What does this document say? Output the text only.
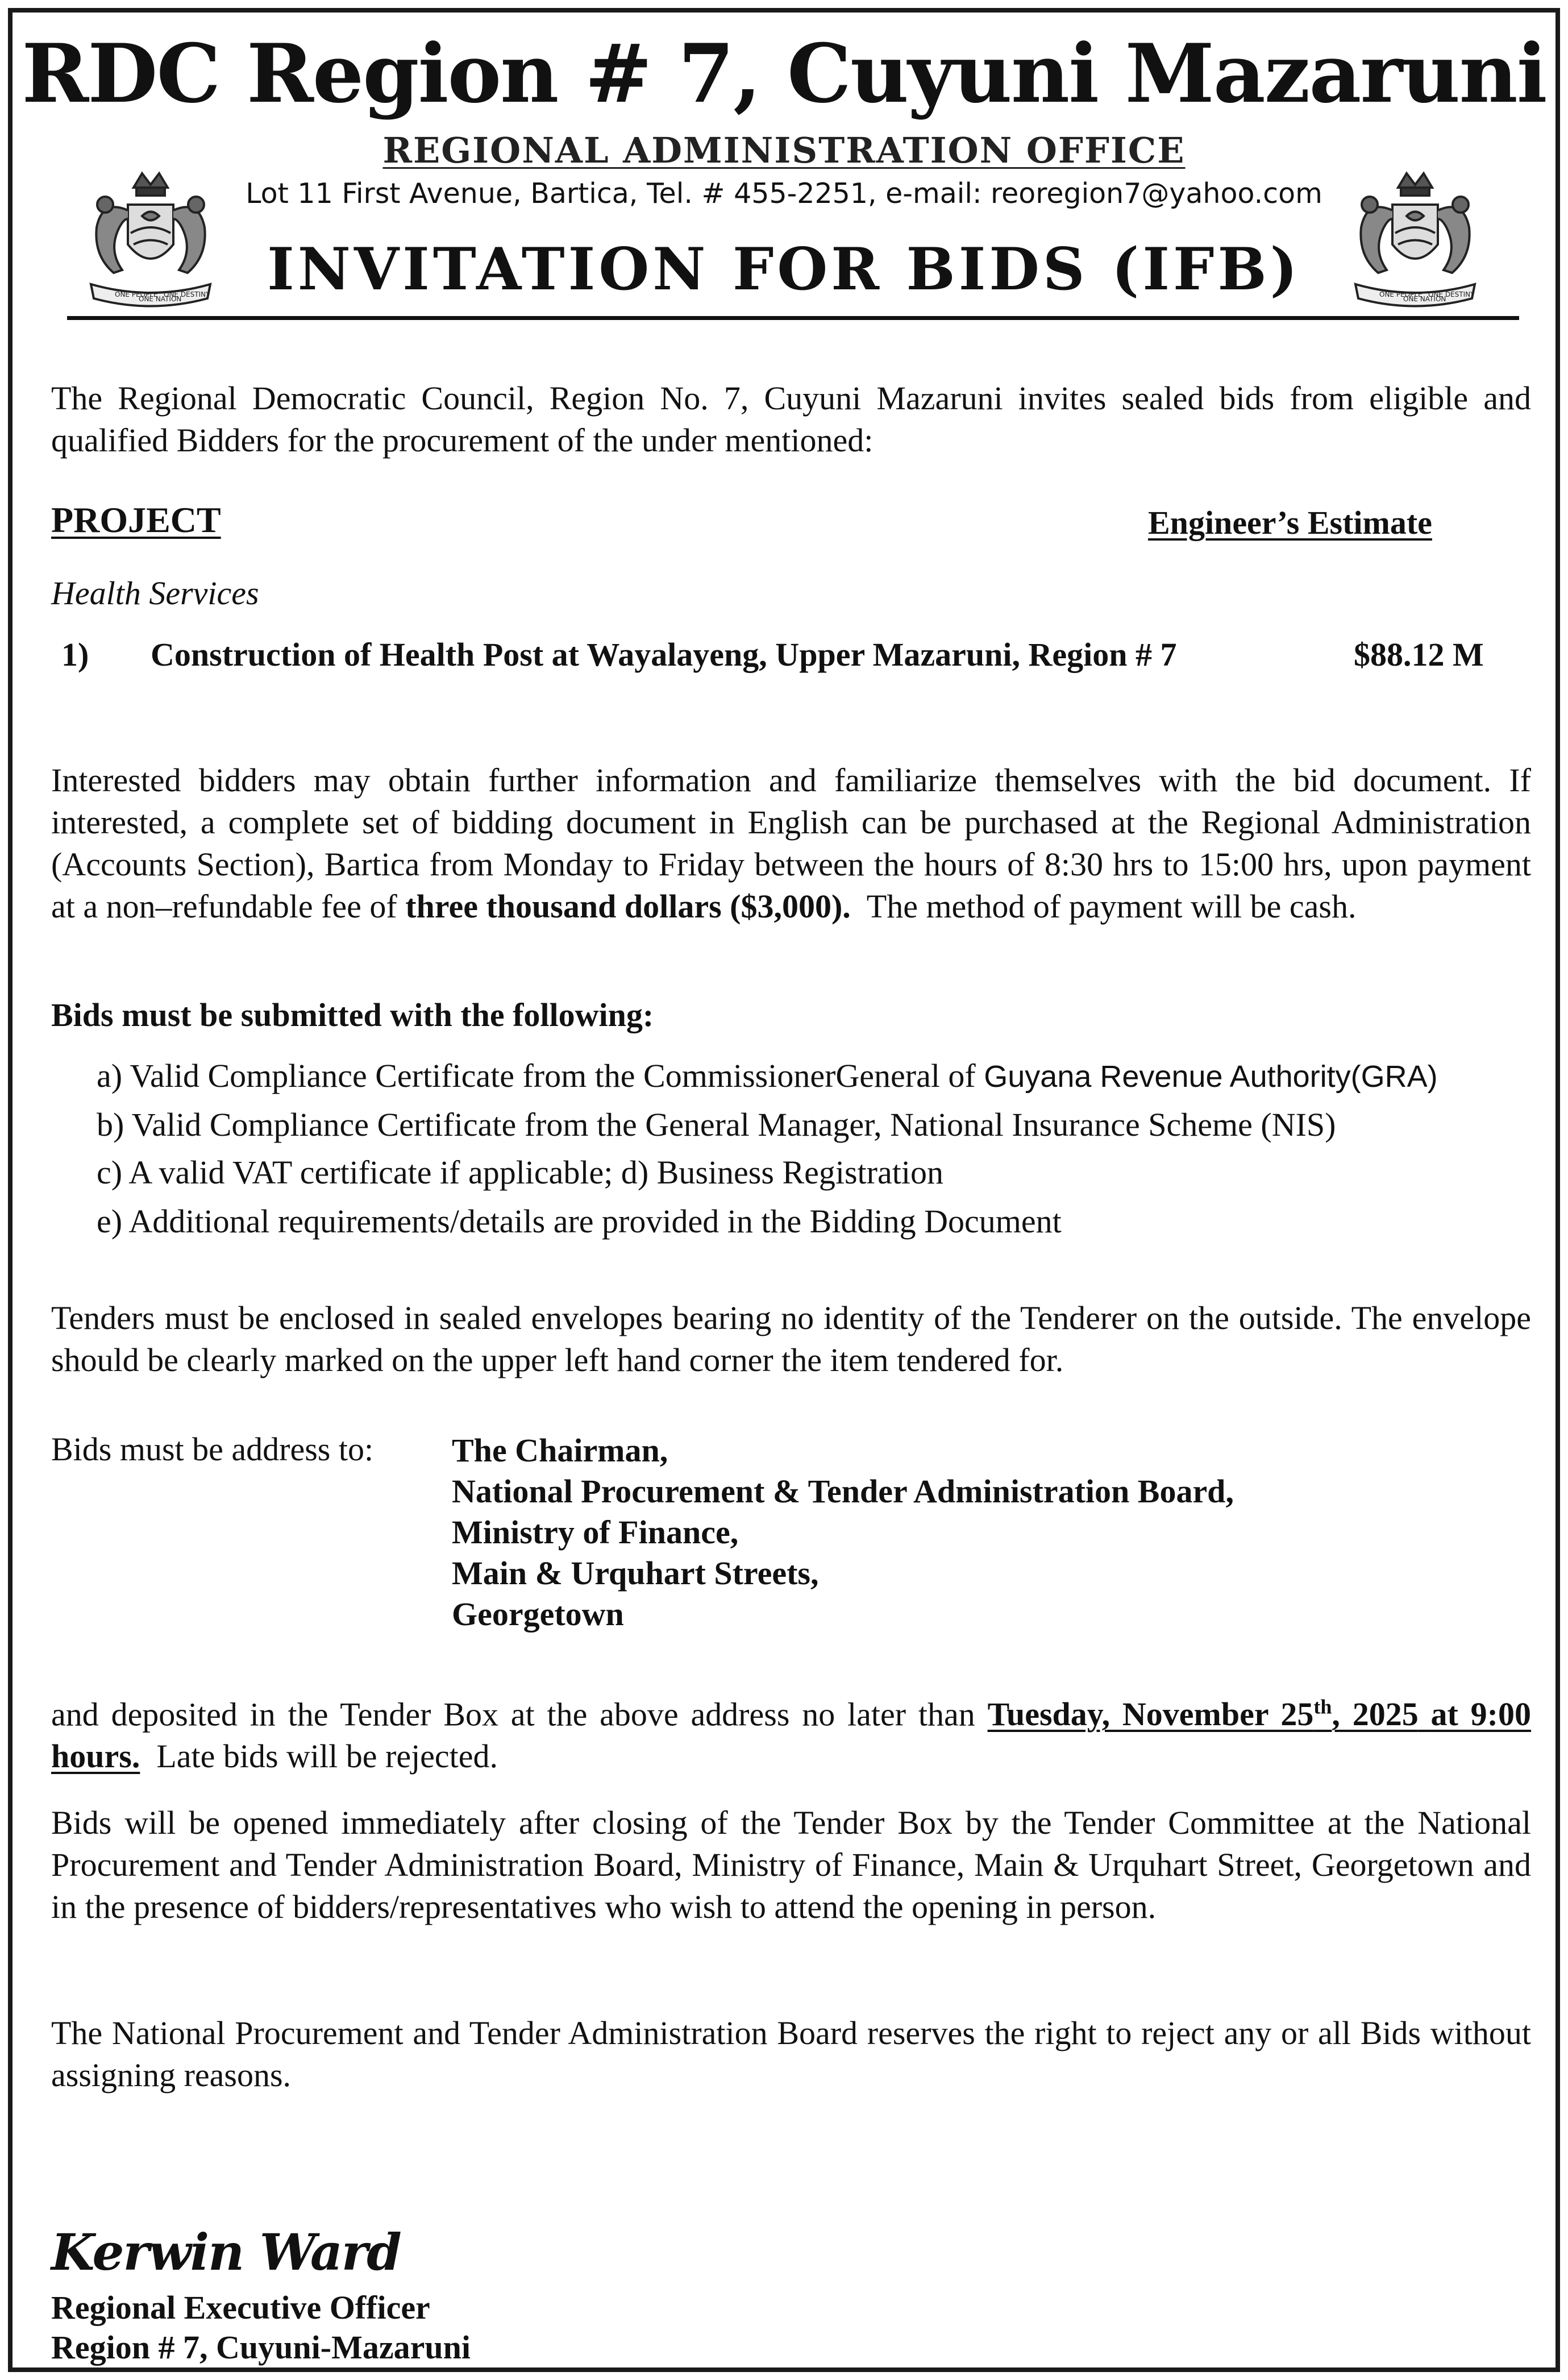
RDC Region # 7, Cuyuni Mazaruni
REGIONAL ADMINISTRATION OFFICE
Lot 11 First Avenue, Bartica, Tel. # 455-2251, e-mail: reoregion7@yahoo.com
INVITATION FOR BIDS (IFB)
ONE PEOPLE
ONE NATION
ONE DESTINY	ONE PEOPLE
ONE NATION
ONE DESTINY

The Regional Democratic Council, Region No. 7, Cuyuni Mazaruni invites sealed bids from eligible and qualified Bidders for the procurement of the under mentioned:

PROJECT	Engineer’s Estimate
Health Services
1) Construction of Health Post at Wayalayeng, Upper Mazaruni, Region # 7	$88.12 M

Interested bidders may obtain further information and familiarize themselves with the bid document. If interested, a complete set of bidding document in English can be purchased at the Regional Administration (Accounts Section), Bartica from Monday to Friday between the hours of 8:30 hrs to 15:00 hrs, upon payment at a non–refundable fee of three thousand dollars ($3,000). The method of payment will be cash.

Bids must be submitted with the following:
a) Valid Compliance Certificate from the CommissionerGeneral of Guyana Revenue Authority(GRA)
b) Valid Compliance Certificate from the General Manager, National Insurance Scheme (NIS)
c) A valid VAT certificate if applicable; d) Business Registration
e) Additional requirements/details are provided in the Bidding Document

Tenders must be enclosed in sealed envelopes bearing no identity of the Tenderer on the outside. The envelope should be clearly marked on the upper left hand corner the item tendered for.

Bids must be address to: The Chairman,
National Procurement & Tender Administration Board,
Ministry of Finance,
Main & Urquhart Streets,
Georgetown

and deposited in the Tender Box at the above address no later than Tuesday, November 25th, 2025 at 9:00 hours. Late bids will be rejected.

Bids will be opened immediately after closing of the Tender Box by the Tender Committee at the National Procurement and Tender Administration Board, Ministry of Finance, Main & Urquhart Street, Georgetown and in the presence of bidders/representatives who wish to attend the opening in person.

The National Procurement and Tender Administration Board reserves the right to reject any or all Bids without assigning reasons.

Kerwin Ward
Regional Executive Officer
Region # 7, Cuyuni-Mazaruni
